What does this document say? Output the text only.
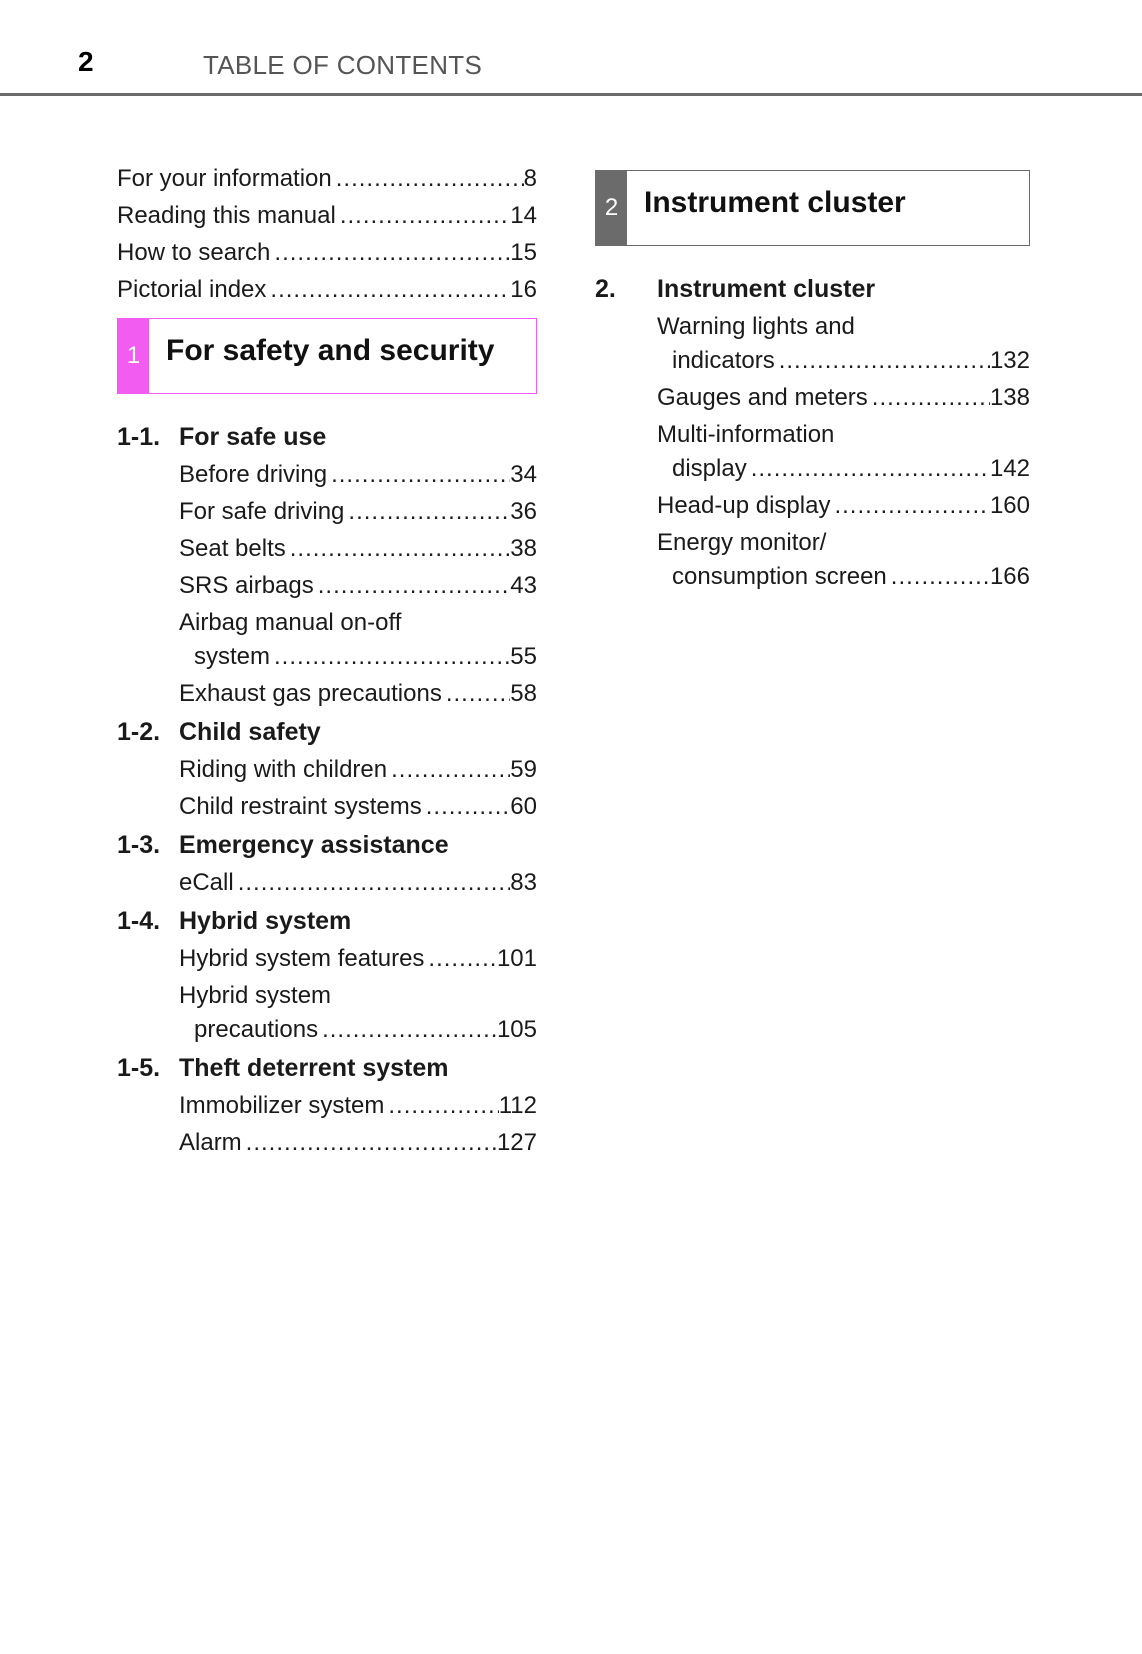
2	TABLE OF CONTENTS
For your information .....	8
Reading this manual .....	14
How to search .....	15
Pictorial index .....	16
1 For safety and security
1-1. For safe use
Before driving .....	34
For safe driving .....	36
Seat belts .....	38
SRS airbags .....	43
Airbag manual on-off
system .....	55
Exhaust gas precautions .....	58
1-2. Child safety
Riding with children .....	59
Child restraint systems .....	60
1-3. Emergency assistance
eCall .....	83
1-4. Hybrid system
Hybrid system features .....	101
Hybrid system
precautions .....	105
1-5. Theft deterrent system
Immobilizer system .....	112
Alarm .....	127
2 Instrument cluster
2.	Instrument cluster
Warning lights and
indicators .....	132
Gauges and meters .....	138
Multi-information
display .....	142
Head-up display .....	160
Energy monitor/
consumption screen .....	166
